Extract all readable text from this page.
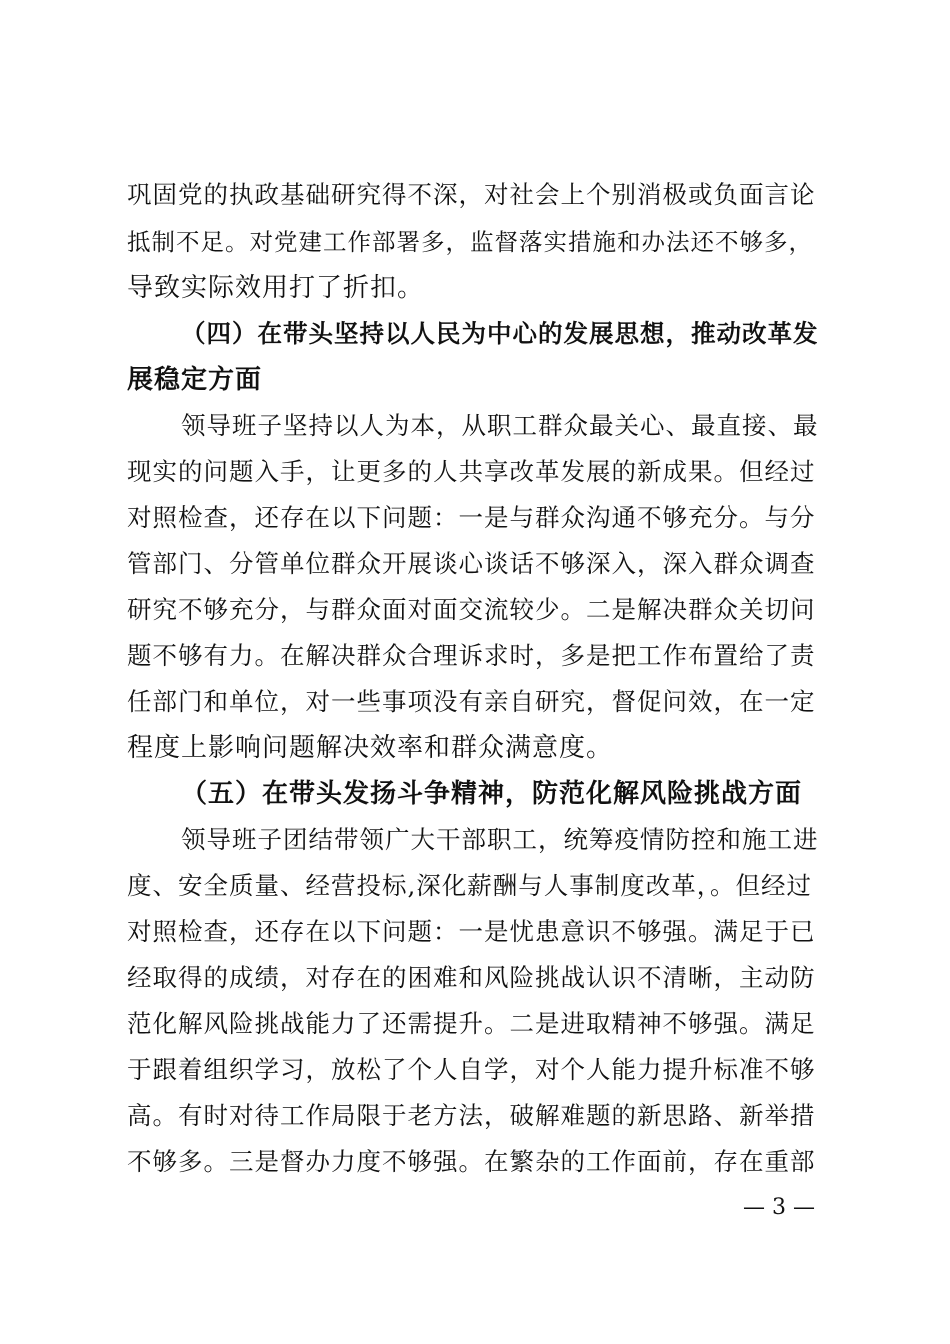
巩固党的执政基础研究得不深，对社会上个别消极或负面言论
抵制不足。对党建工作部署多，监督落实措施和办法还不够多，
导致实际效用打了折扣。
（四）在带头坚持以人民为中心的发展思想，推动改革发
展稳定方面
领导班子坚持以人为本，从职工群众最关心、最直接、最
现实的问题入手，让更多的人共享改革发展的新成果。但经过
对照检查，还存在以下问题：一是与群众沟通不够充分。与分
管部门、分管单位群众开展谈心谈话不够深入，深入群众调查
研究不够充分，与群众面对面交流较少。二是解决群众关切问
题不够有力。在解决群众合理诉求时，多是把工作布置给了责
任部门和单位，对一些事项没有亲自研究，督促问效，在一定
程度上影响问题解决效率和群众满意度。
（五）在带头发扬斗争精神，防范化解风险挑战方面
领导班子团结带领广大干部职工，统筹疫情防控和施工进
度、安全质量、经营投标,深化薪酬与人事制度改革，。但经过
对照检查，还存在以下问题：一是忧患意识不够强。满足于已
经取得的成绩，对存在的困难和风险挑战认识不清晰，主动防
范化解风险挑战能力了还需提升。二是进取精神不够强。满足
于跟着组织学习，放松了个人自学，对个人能力提升标准不够
高。有时对待工作局限于老方法，破解难题的新思路、新举措
不够多。三是督办力度不够强。在繁杂的工作面前，存在重部
— 3 —
